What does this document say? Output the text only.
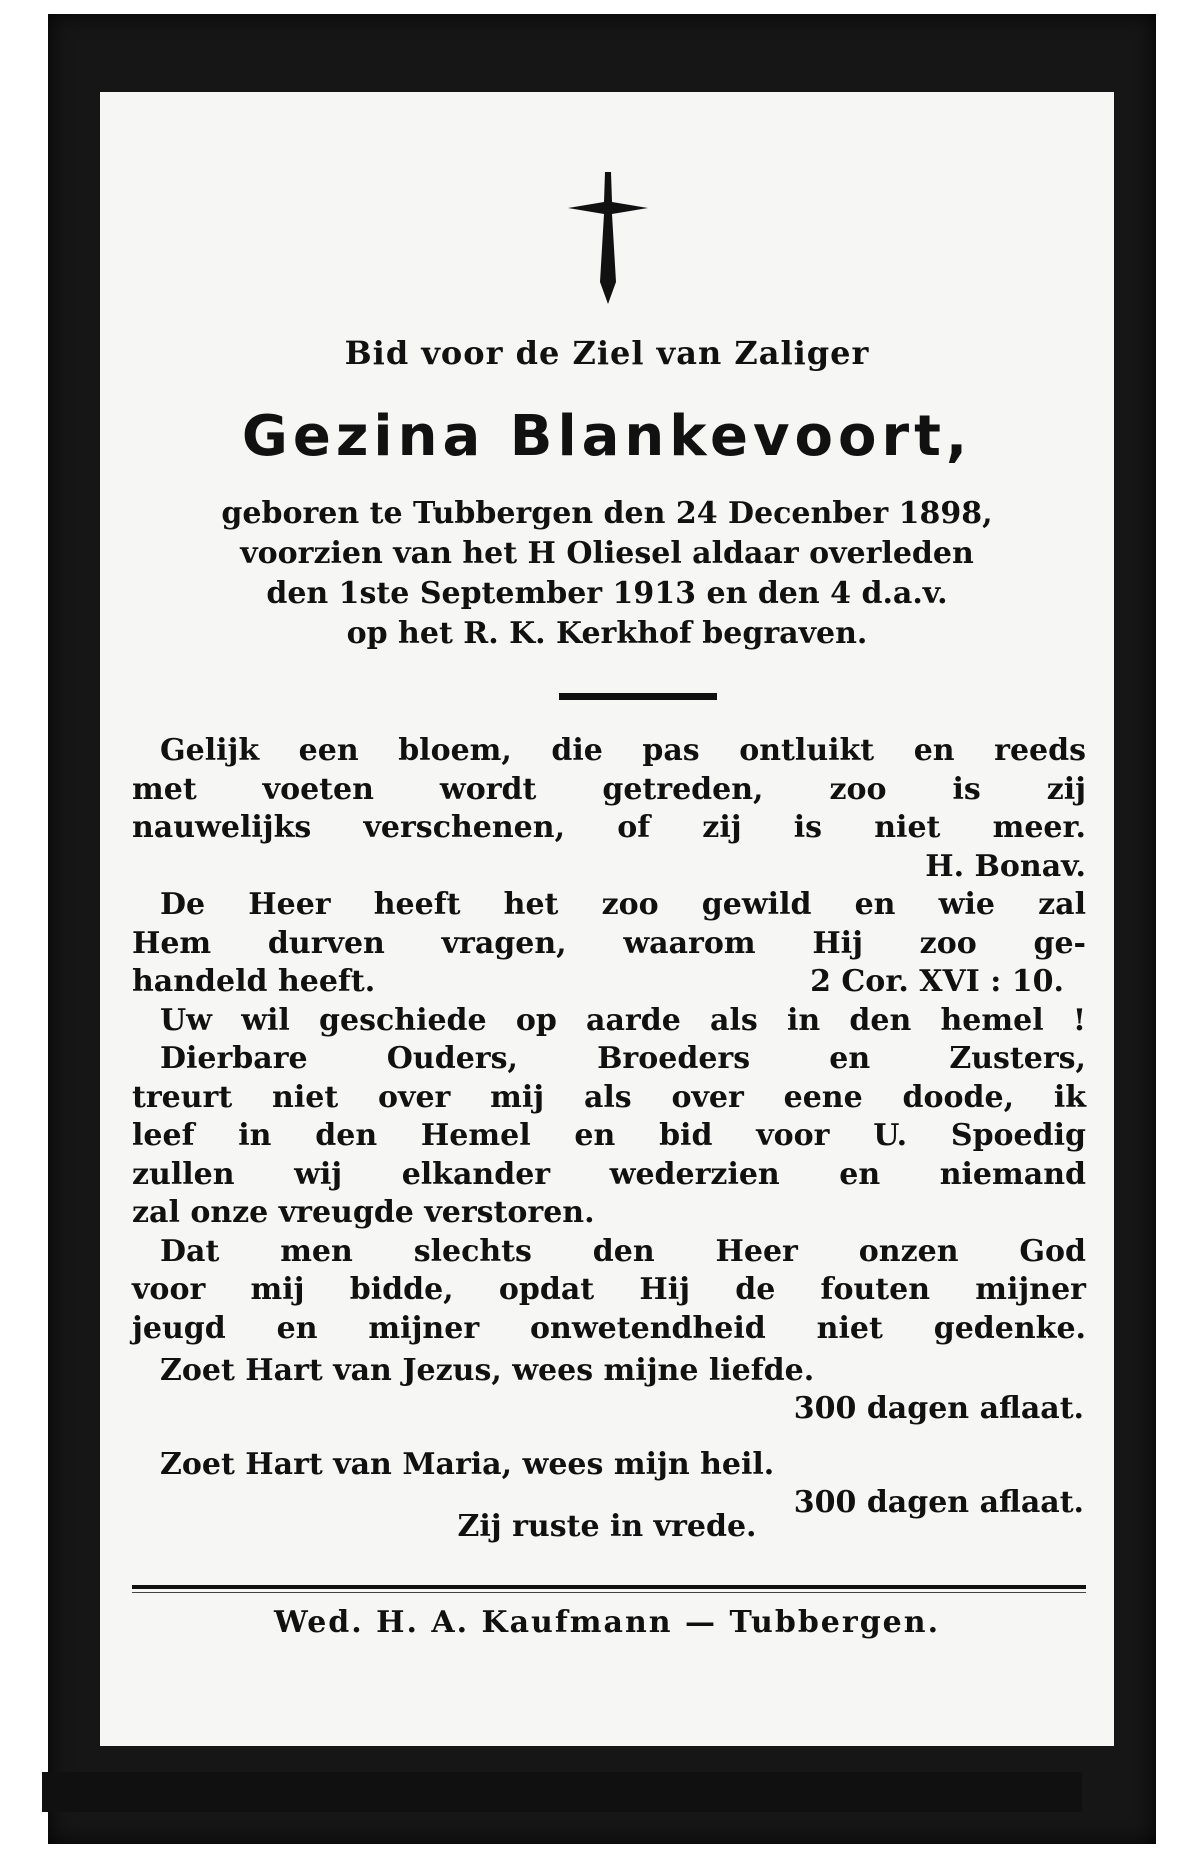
Bid voor de Ziel van Zaliger
Gezina Blankevoort,
geboren te Tubbergen den 24 Decenber 1898,
voorzien van het H Oliesel aldaar overleden
den 1ste September 1913 en den 4 d.a.v.
op het R. K. Kerkhof begraven.
Gelijk een bloem, die pas ontluikt en reeds
met voeten wordt getreden, zoo is zij
nauwelijks verschenen, of zij is niet meer.
H. Bonav.
De Heer heeft het zoo gewild en wie zal
Hem durven vragen, waarom Hij zoo ge-
handeld heeft.	2 Cor. XVI : 10.
Uw wil geschiede op aarde als in den hemel !
Dierbare Ouders, Broeders en Zusters,
treurt niet over mij als over eene doode, ik
leef in den Hemel en bid voor U. Spoedig
zullen wij elkander wederzien en niemand
zal onze vreugde verstoren.
Dat men slechts den Heer onzen God
voor mij bidde, opdat Hij de fouten mijner
jeugd en mijner onwetendheid niet gedenke.
Zoet Hart van Jezus, wees mijne liefde.
300 dagen aflaat.
Zoet Hart van Maria, wees mijn heil.
300 dagen aflaat.
Zij ruste in vrede.
Wed. H. A. Kaufmann — Tubbergen.
